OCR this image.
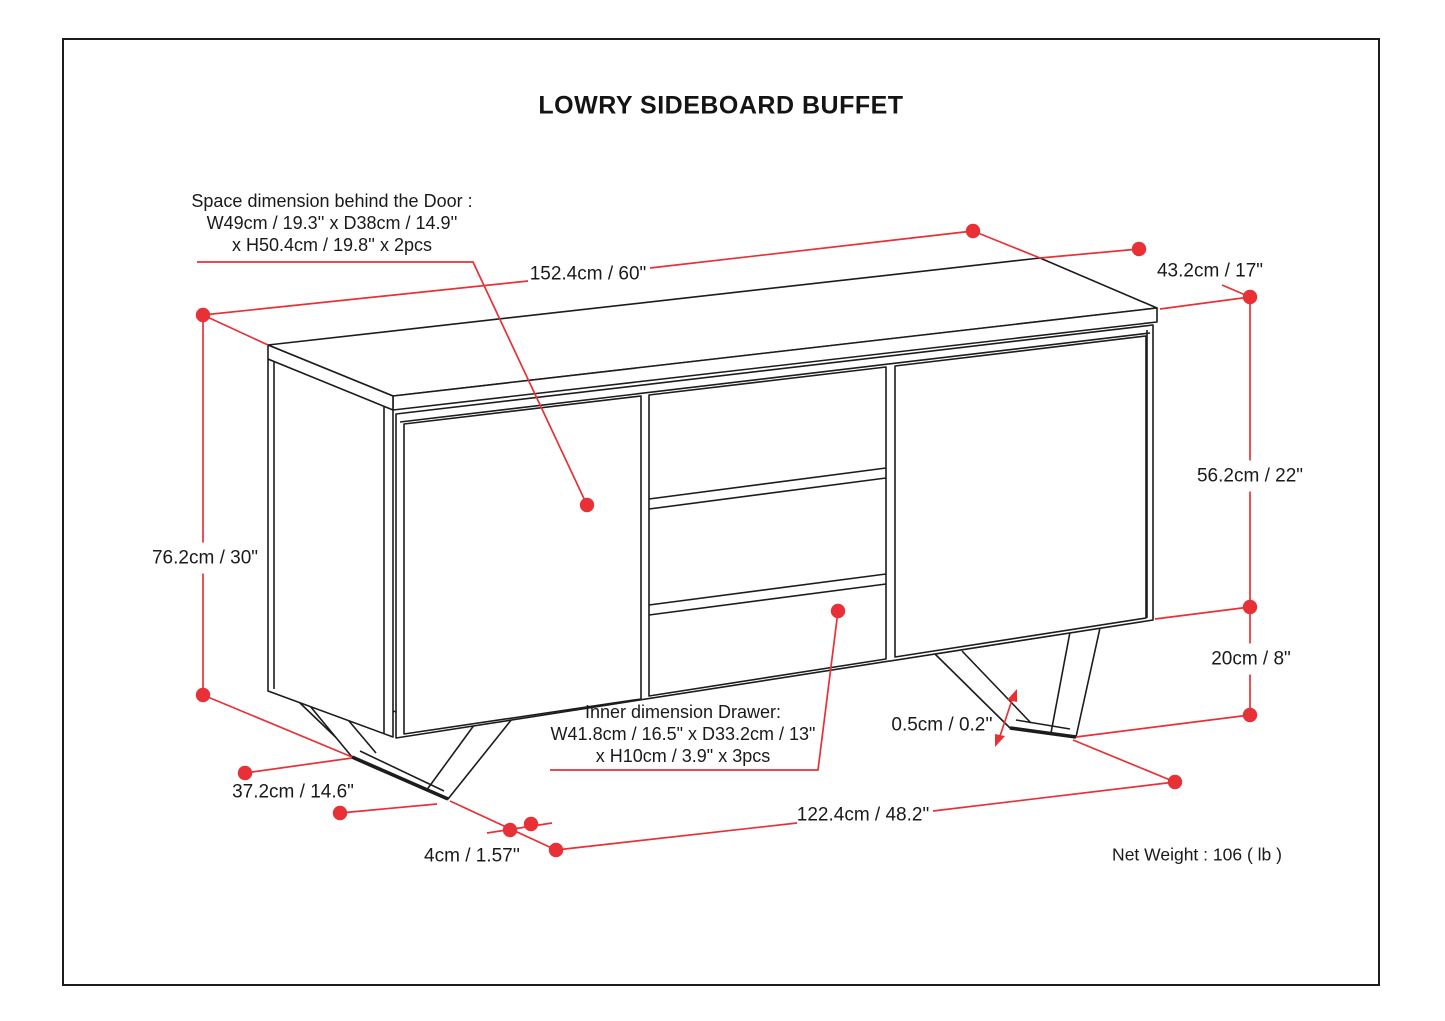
LOWRY SIDEBOARD BUFFET
Space dimension behind the Door :
W49cm / 19.3'' x D38cm / 14.9''
x H50.4cm / 19.8'' x 2pcs
152.4cm / 60"	43.2cm / 17"
56.2cm / 22"
20cm / 8"
76.2cm / 30"
37.2cm / 14.6"
4cm / 1.57''
122.4cm / 48.2"
0.5cm / 0.2''
Inner dimension Drawer:
W41.8cm / 16.5" x D33.2cm / 13"
x H10cm / 3.9" x 3pcs
Net Weight : 106 ( lb )
